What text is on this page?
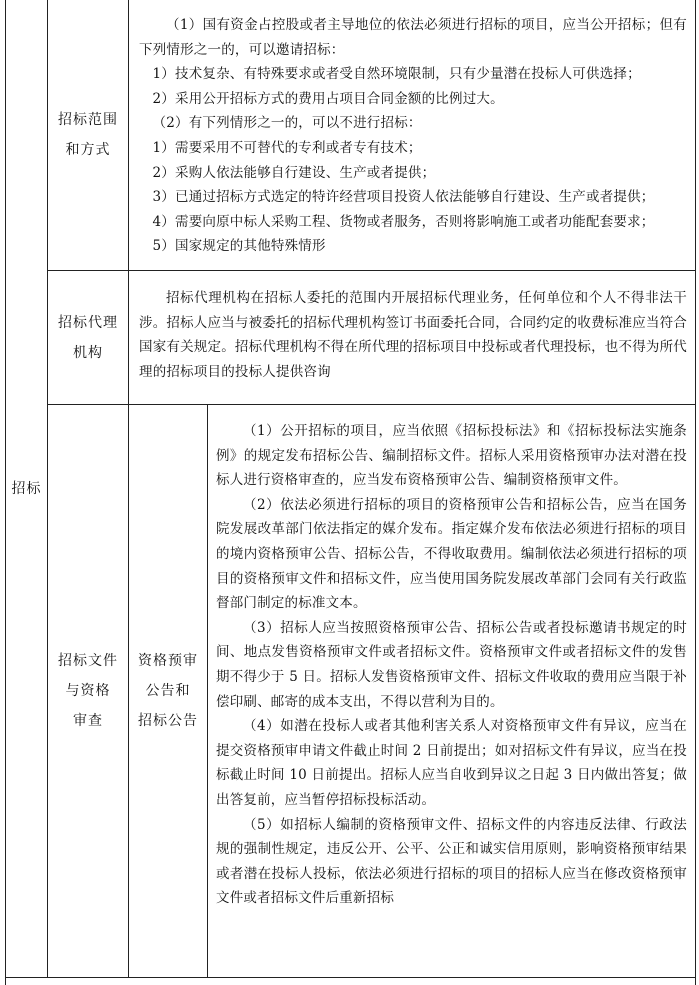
招标
招标范围
和方式

（1）国有资金占控股或者主导地位的依法必须进行招标的项目，应当公开招标；但有下列情形之一的，可以邀请招标：

1）技术复杂、有特殊要求或者受自然环境限制，只有少量潜在投标人可供选择；

2）采用公开招标方式的费用占项目合同金额的比例过大。

（2）有下列情形之一的，可以不进行招标：

1）需要采用不可替代的专利或者专有技术；

2）采购人依法能够自行建设、生产或者提供；

3）已通过招标方式选定的特许经营项目投资人依法能够自行建设、生产或者提供；

4）需要向原中标人采购工程、货物或者服务，否则将影响施工或者功能配套要求；

5）国家规定的其他特殊情形

招标代理
机构

招标代理机构在招标人委托的范围内开展招标代理业务，任何单位和个人不得非法干涉。招标人应当与被委托的招标代理机构签订书面委托合同，合同约定的收费标准应当符合国家有关规定。招标代理机构不得在所代理的招标项目中投标或者代理投标，也不得为所代理的招标项目的投标人提供咨询

招标文件
与资格
审查
资格预审
公告和
招标公告

（1）公开招标的项目，应当依照《招标投标法》和《招标投标法实施条例》的规定发布招标公告、编制招标文件。招标人采用资格预审办法对潜在投标人进行资格审查的，应当发布资格预审公告、编制资格预审文件。

（2）依法必须进行招标的项目的资格预审公告和招标公告，应当在国务院发展改革部门依法指定的媒介发布。指定媒介发布依法必须进行招标的项目的境内资格预审公告、招标公告，不得收取费用。编制依法必须进行招标的项目的资格预审文件和招标文件，应当使用国务院发展改革部门会同有关行政监督部门制定的标准文本。

（3）招标人应当按照资格预审公告、招标公告或者投标邀请书规定的时间、地点发售资格预审文件或者招标文件。资格预审文件或者招标文件的发售期不得少于 5 日。招标人发售资格预审文件、招标文件收取的费用应当限于补偿印刷、邮寄的成本支出，不得以营利为目的。

（4）如潜在投标人或者其他利害关系人对资格预审文件有异议，应当在提交资格预审申请文件截止时间 2 日前提出；如对招标文件有异议，应当在投标截止时间 10 日前提出。招标人应当自收到异议之日起 3 日内做出答复；做出答复前，应当暂停招标投标活动。

（5）如招标人编制的资格预审文件、招标文件的内容违反法律、行政法规的强制性规定，违反公开、公平、公正和诚实信用原则，影响资格预审结果或者潜在投标人投标，依法必须进行招标的项目的招标人应当在修改资格预审文件或者招标文件后重新招标
